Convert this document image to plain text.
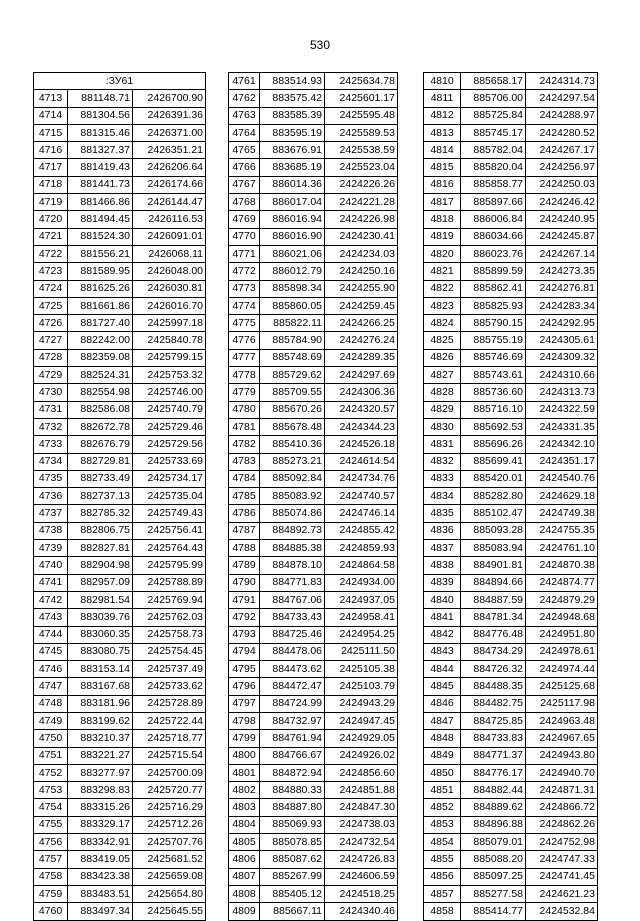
530
:ЗУ61		
4713	881148.71	2426700.90
4714	881304.56	2426391.36
4715	881315.46	2426371.00
4716	881327.37	2426351.21
4717	881419.43	2426206.64
4718	881441.73	2426174.66
4719	881466.86	2426144.47
4720	881494.45	2426116.53
4721	881524.30	2426091.01
4722	881556.21	2426068.11
4723	881589.95	2426048.00
4724	881625.26	2426030.81
4725	881661.86	2426016.70
4726	881727.40	2425997.18
4727	882242.00	2425840.78
4728	882359.08	2425799.15
4729	882524.31	2425753.32
4730	882554.98	2425746.00
4731	882586.08	2425740.79
4732	882672.78	2425729.46
4733	882676.79	2425729.56
4734	882729.81	2425733.69
4735	882733.49	2425734.17
4736	882737.13	2425735.04
4737	882785.32	2425749.43
4738	882806.75	2425756.41
4739	882827.81	2425764.43
4740	882904.98	2425795.99
4741	882957.09	2425788.89
4742	882981.54	2425769.94
4743	883039.76	2425762.03
4744	883060.35	2425758.73
4745	883080.75	2425754.45
4746	883153.14	2425737.49
4747	883167.68	2425733.62
4748	883181.96	2425728.89
4749	883199.62	2425722.44
4750	883210.37	2425718.77
4751	883221.27	2425715.54
4752	883277.97	2425700.09
4753	883298.83	2425720.77
4754	883315.26	2425716.29
4755	883329.17	2425712.26
4756	883342.91	2425707.76
4757	883419.05	2425681.52
4758	883423.38	2425659.08
4759	883483.51	2425654.80
4760	883497.34	2425645.55
4761	883514.93	2425634.78
4762	883575.42	2425601.17
4763	883585.39	2425595.48
4764	883595.19	2425589.53
4765	883676.91	2425538.59
4766	883685.19	2425523.04
4767	886014.36	2424226.26
4768	886017.04	2424221.28
4769	886016.94	2424226.98
4770	886016.90	2424230.41
4771	886021.06	2424234.03
4772	886012.79	2424250.16
4773	885898.34	2424255.90
4774	885860.05	2424259.45
4775	885822.11	2424266.25
4776	885784.90	2424276.24
4777	885748.69	2424289.35
4778	885729.62	2424297.69
4779	885709.55	2424306.36
4780	885670.26	2424320.57
4781	885678.48	2424344.23
4782	885410.36	2424526.18
4783	885273.21	2424614.54
4784	885092.84	2424734.76
4785	885083.92	2424740.57
4786	885074.86	2424746.14
4787	884892.73	2424855.42
4788	884885.38	2424859.93
4789	884878.10	2424864.58
4790	884771.83	2424934.00
4791	884767.06	2424937.05
4792	884733.43	2424958.41
4793	884725.46	2424954.25
4794	884478.06	2425111.50
4795	884473.62	2425105.38
4796	884472.47	2425103.79
4797	884724.99	2424943.29
4798	884732.97	2424947.45
4799	884761.94	2424929.05
4800	884766.67	2424926.02
4801	884872.94	2424856.60
4802	884880.33	2424851.88
4803	884887.80	2424847.30
4804	885069.93	2424738.03
4805	885078.85	2424732.54
4806	885087.62	2424726.83
4807	885267.99	2424606.59
4808	885405.12	2424518.25
4809	885667.11	2424340.46
4810	885658.17	2424314.73
4811	885706.00	2424297.54
4812	885725.84	2424288.97
4813	885745.17	2424280.52
4814	885782.04	2424267.17
4815	885820.04	2424256.97
4816	885858.77	2424250.03
4817	885897.66	2424246.42
4818	886006.84	2424240.95
4819	886034.66	2424245.87
4820	886023.76	2424267.14
4821	885899.59	2424273.35
4822	885862.41	2424276.81
4823	885825.93	2424283.34
4824	885790.15	2424292.95
4825	885755.19	2424305.61
4826	885746.69	2424309.32
4827	885743.61	2424310.66
4828	885736.60	2424313.73
4829	885716.10	2424322.59
4830	885692.53	2424331.35
4831	885696.26	2424342.10
4832	885699.41	2424351.17
4833	885420.01	2424540.76
4834	885282.80	2424629.18
4835	885102.47	2424749.38
4836	885093.28	2424755.35
4837	885083.94	2424761.10
4838	884901.81	2424870.38
4839	884894.66	2424874.77
4840	884887.59	2424879.29
4841	884781.34	2424948.68
4842	884776.48	2424951.80
4843	884734.29	2424978.61
4844	884726.32	2424974.44
4845	884488.35	2425125.68
4846	884482.75	2425117.98
4847	884725.85	2424963.48
4848	884733.83	2424967.65
4849	884771.37	2424943.80
4850	884776.17	2424940.70
4851	884882.44	2424871.31
4852	884889.62	2424866.72
4853	884896.88	2424862.26
4854	885079.01	2424752.98
4855	885088.20	2424747.33
4856	885097.25	2424741.45
4857	885277.58	2424621.23
4858	885414.77	2424532.84
